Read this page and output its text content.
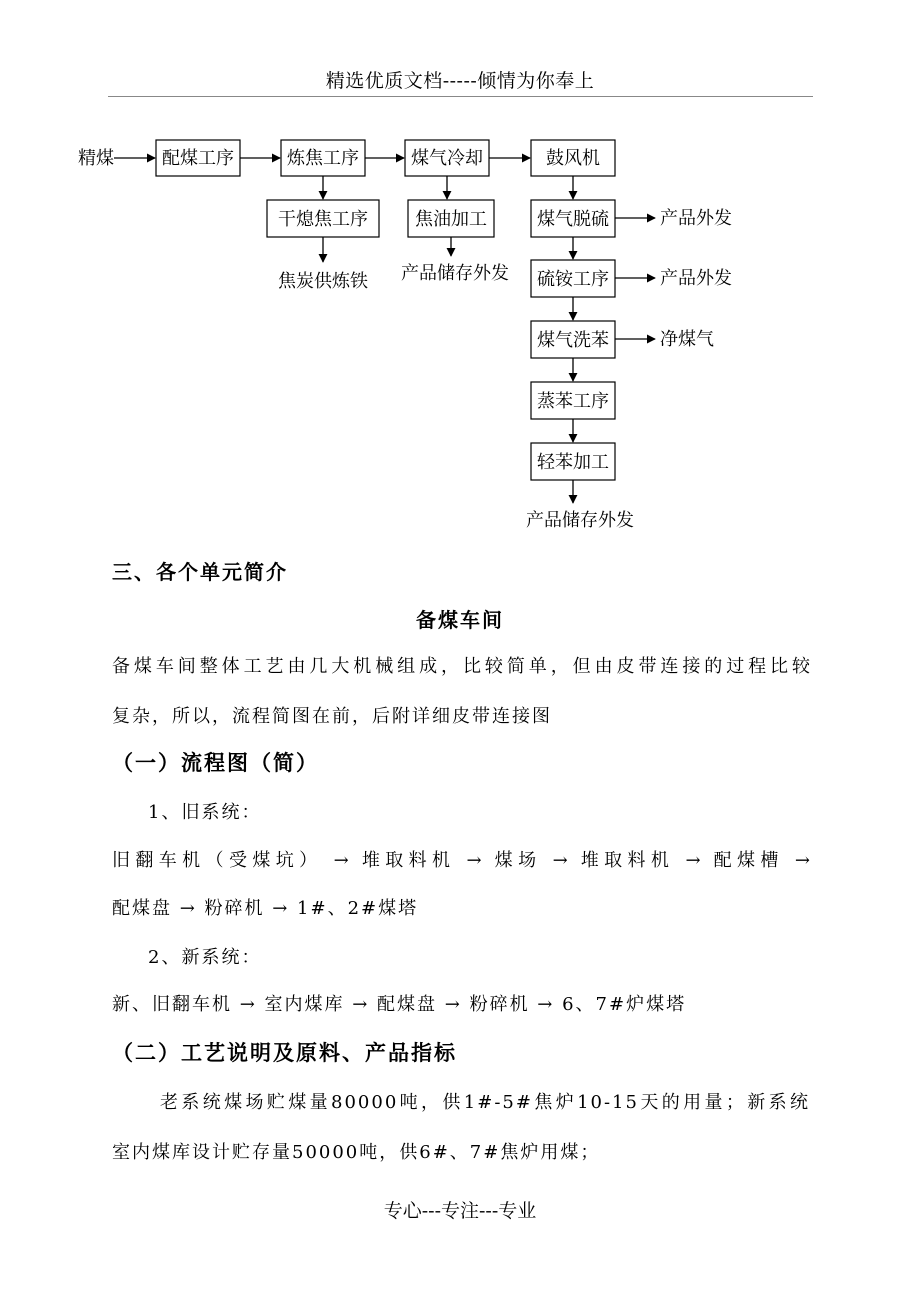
精选优质文档-----倾情为你奉上
精煤	配煤工序	炼焦工序	煤气冷却	鼓风机
干熄焦工序	焦油加工	煤气脱硫
硫铵工序
煤气洗苯
蒸苯工序
轻苯加工
焦炭供炼铁 产品储存外发
产品外发
产品外发
净煤气
产品储存外发
三、各个单元简介
备煤车间
备煤车间整体工艺由几大机械组成，比较简单，但由皮带连接的过程比较
复杂，所以，流程简图在前，后附详细皮带连接图
（一）流程图（简）
1、旧系统：
旧翻车机（受煤坑） → 堆取料机 → 煤场 → 堆取料机 → 配煤槽 →
配煤盘 → 粉碎机 → 1#、2#煤塔
2、新系统：
新、旧翻车机 → 室内煤库 → 配煤盘 → 粉碎机 → 6、7#炉煤塔
（二）工艺说明及原料、产品指标
老系统煤场贮煤量80000吨，供1#-5#焦炉10-15天的用量；新系统
室内煤库设计贮存量50000吨，供6#、7#焦炉用煤；
专心---专注---专业
